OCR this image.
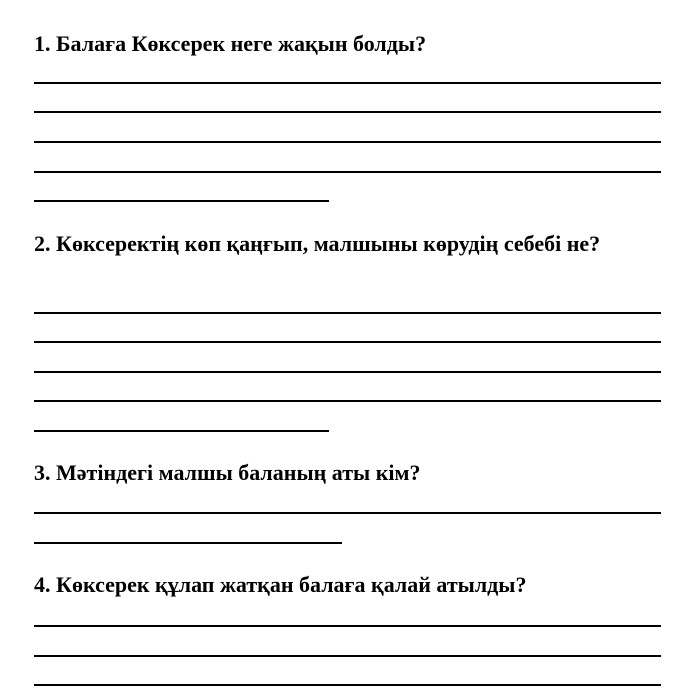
1. Балаға Көксерек неге жақын болды?

2. Көксеректің көп қаңғып, малшыны көрудің себебі не?

3. Мәтіндегі малшы баланың аты кім?

4. Көксерек құлап жатқан балаға қалай атылды?
